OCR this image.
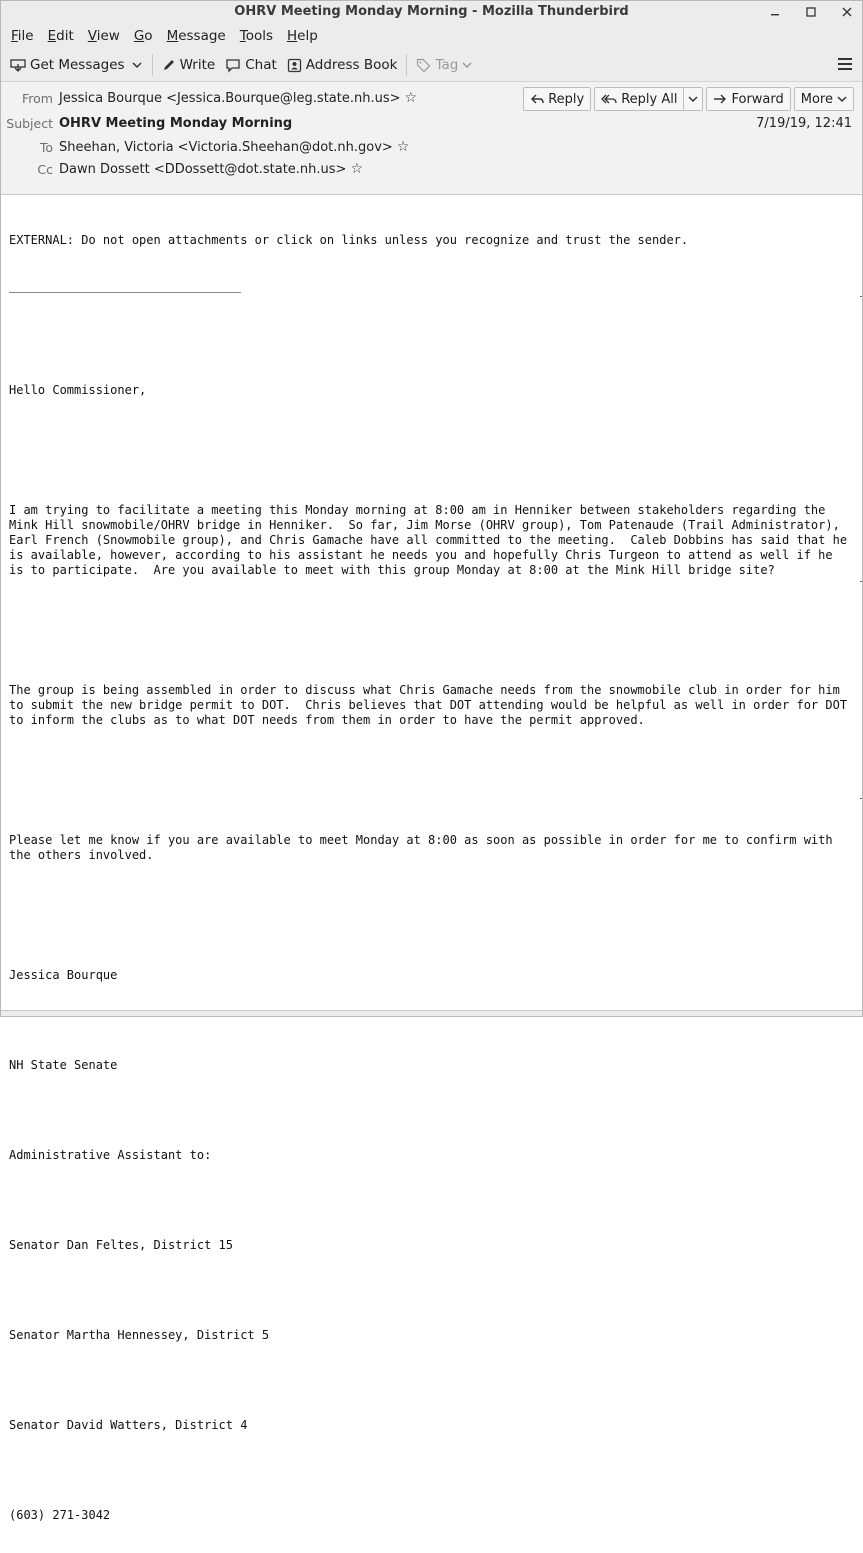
OHRV Meeting Monday Morning - Mozilla Thunderbird
File	Edit	View	Go	Message	Tools	Help
Get Messages	Write Chat Address Book	Tag
From Jessica Bourque <Jessica.Bourque@leg.state.nh.us> ☆
Subject OHRV Meeting Monday Morning
To Sheehan, Victoria <Victoria.Sheehan@dot.nh.gov> ☆
Cc Dawn Dossett <DDossett@dot.state.nh.us> ☆
Reply	Reply All	Forward More
7/19/19, 12:41

EXTERNAL: Do not open attachments or click on links unless you recognize and trust the sender.

Hello Commissioner,

I am trying to facilitate a meeting this Monday morning at 8:00 am in Henniker between stakeholders regarding the
Mink Hill snowmobile/OHRV bridge in Henniker.  So far, Jim Morse (OHRV group), Tom Patenaude (Trail Administrator),
Earl French (Snowmobile group), and Chris Gamache have all committed to the meeting.  Caleb Dobbins has said that he
is available, however, according to his assistant he needs you and hopefully Chris Turgeon to attend as well if he
is to participate.  Are you available to meet with this group Monday at 8:00 at the Mink Hill bridge site?

The group is being assembled in order to discuss what Chris Gamache needs from the snowmobile club in order for him
to submit the new bridge permit to DOT.  Chris believes that DOT attending would be helpful as well in order for DOT
to inform the clubs as to what DOT needs from them in order to have the permit approved.

Please let me know if you are available to meet Monday at 8:00 as soon as possible in order for me to confirm with
the others involved.

Jessica Bourque

NH State Senate

Administrative Assistant to:

Senator Dan Feltes, District 15

Senator Martha Hennessey, District 5

Senator David Watters, District 4

(603) 271-3042
